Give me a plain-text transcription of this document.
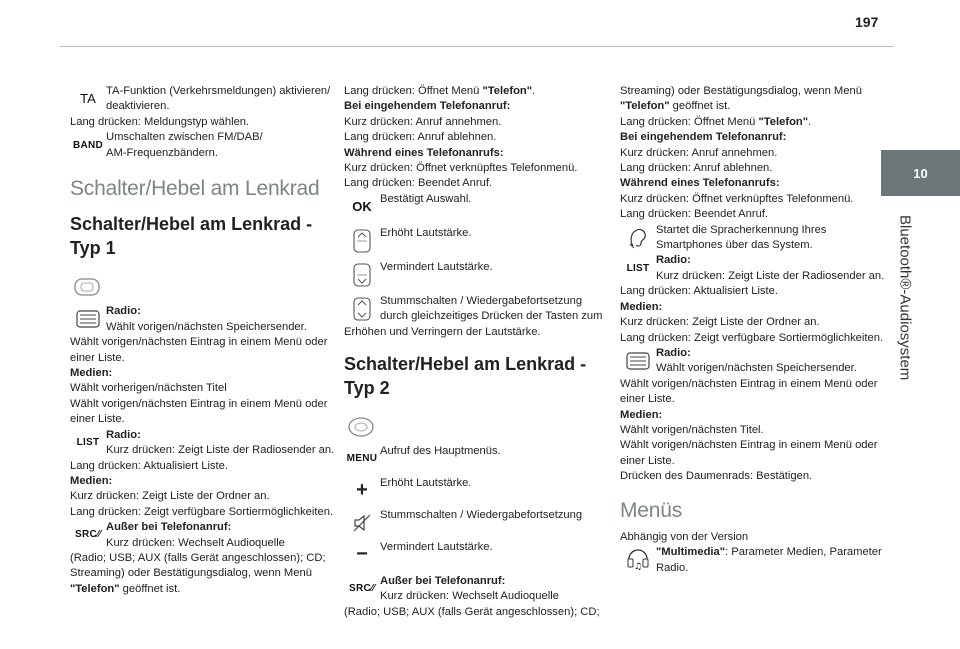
197
10
Bluetooth®-Audiosystem
TA

TA-Funktion (Verkehrsmeldungen) aktivieren/

deaktivieren.

Lang drücken: Meldungstyp wählen.

BAND

Umschalten zwischen FM/DAB/

AM-Frequenzbändern.

Schalter/Hebel am Lenkrad
Schalter/Hebel am Lenkrad -
Typ 1

Radio:

Wählt vorigen/nächsten Speichersender.

Wählt vorigen/nächsten Eintrag in einem Menü oder

einer Liste.

Medien:

Wählt vorherigen/nächsten Titel

Wählt vorigen/nächsten Eintrag in einem Menü oder

einer Liste.

LIST

Radio:

Kurz drücken: Zeigt Liste der Radiosender an.

Lang drücken: Aktualisiert Liste.

Medien:

Kurz drücken: Zeigt Liste der Ordner an.

Lang drücken: Zeigt verfügbare Sortiermöglichkeiten.

SRC ⁄⁄

Außer bei Telefonanruf:

Kurz drücken: Wechselt Audioquelle

(Radio; USB; AUX (falls Gerät angeschlossen); CD;

Streaming) oder Bestätigungsdialog, wenn Menü

"Telefon" geöffnet ist.

Lang drücken: Öffnet Menü "Telefon".

Bei eingehendem Telefonanruf:

Kurz drücken: Anruf annehmen.

Lang drücken: Anruf ablehnen.

Während eines Telefonanrufs:

Kurz drücken: Öffnet verknüpftes Telefonmenü.

Lang drücken: Beendet Anruf.

OK

Bestätigt Auswahl.

Erhöht Lautstärke.

Vermindert Lautstärke.

Stummschalten / Wiedergabefortsetzung

durch gleichzeitiges Drücken der Tasten zum

Erhöhen und Verringern der Lautstärke.

Schalter/Hebel am Lenkrad -
Typ 2
MENU

Aufruf des Hauptmenüs.

+ Erhöht Lautstärke.

Stummschalten / Wiedergabefortsetzung

− Vermindert Lautstärke.

SRC ⁄⁄

Außer bei Telefonanruf:

Kurz drücken: Wechselt Audioquelle

(Radio; USB; AUX (falls Gerät angeschlossen); CD;

Streaming) oder Bestätigungsdialog, wenn Menü

"Telefon" geöffnet ist.

Lang drücken: Öffnet Menü "Telefon".

Bei eingehendem Telefonanruf:

Kurz drücken: Anruf annehmen.

Lang drücken: Anruf ablehnen.

Während eines Telefonanrufs:

Kurz drücken: Öffnet verknüpftes Telefonmenü.

Lang drücken: Beendet Anruf.

Startet die Spracherkennung Ihres

Smartphones über das System.

LIST

Radio:

Kurz drücken: Zeigt Liste der Radiosender an.

Lang drücken: Aktualisiert Liste.

Medien:

Kurz drücken: Zeigt Liste der Ordner an.

Lang drücken: Zeigt verfügbare Sortiermöglichkeiten.

Radio:

Wählt vorigen/nächsten Speichersender.

Wählt vorigen/nächsten Eintrag in einem Menü oder

einer Liste.

Medien:

Wählt vorigen/nächsten Titel.

Wählt vorigen/nächsten Eintrag in einem Menü oder

einer Liste.

Drücken des Daumenrads: Bestätigen.

Menüs

Abhängig von der Version

♫

"Multimedia": Parameter Medien, Parameter

Radio.
